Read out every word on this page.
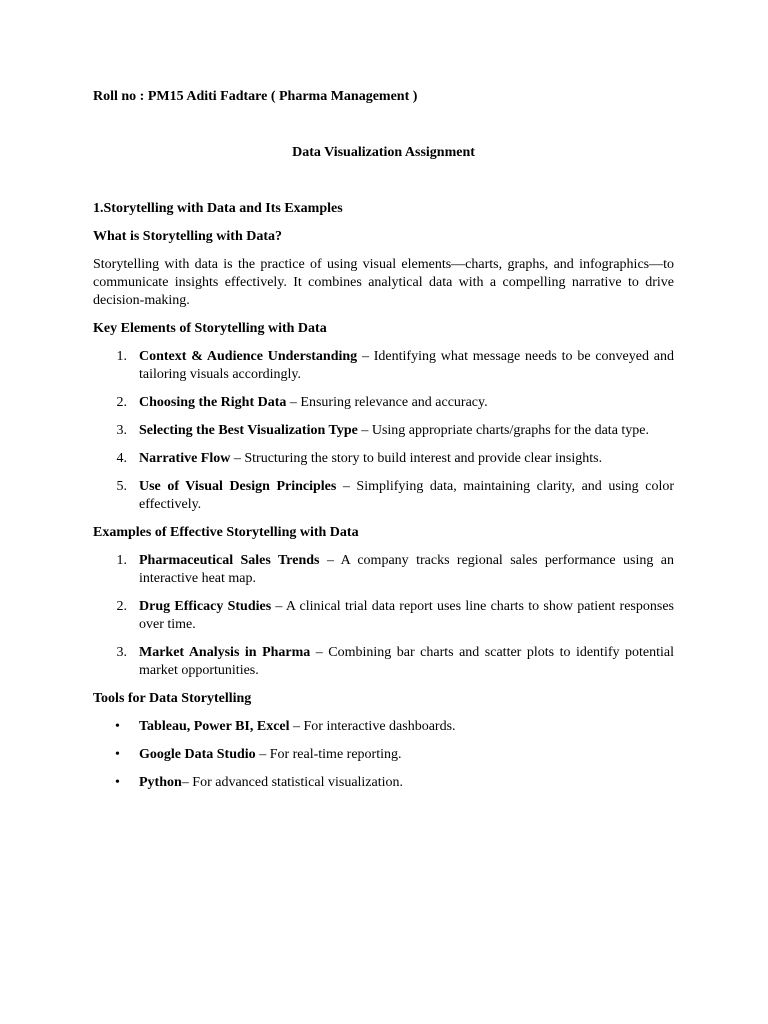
Roll no : PM15 Aditi Fadtare ( Pharma Management )
Data Visualization Assignment
1.Storytelling with Data and Its Examples
What is Storytelling with Data?

Storytelling with data is the practice of using visual elements—charts, graphs, and infographics—to communicate insights effectively. It combines analytical data with a compelling narrative to drive decision-making.

Key Elements of Storytelling with Data
1. Context & Audience Understanding – Identifying what message needs to be conveyed and tailoring visuals accordingly.
2. Choosing the Right Data – Ensuring relevance and accuracy.
3. Selecting the Best Visualization Type – Using appropriate charts/graphs for the data type.
4. Narrative Flow – Structuring the story to build interest and provide clear insights.
5. Use of Visual Design Principles – Simplifying data, maintaining clarity, and using color effectively.
Examples of Effective Storytelling with Data
1. Pharmaceutical Sales Trends – A company tracks regional sales performance using an interactive heat map.
2. Drug Efficacy Studies – A clinical trial data report uses line charts to show patient responses over time.
3. Market Analysis in Pharma – Combining bar charts and scatter plots to identify potential market opportunities.
Tools for Data Storytelling
• Tableau, Power BI, Excel – For interactive dashboards.
• Google Data Studio – For real-time reporting.
• Python– For advanced statistical visualization.
